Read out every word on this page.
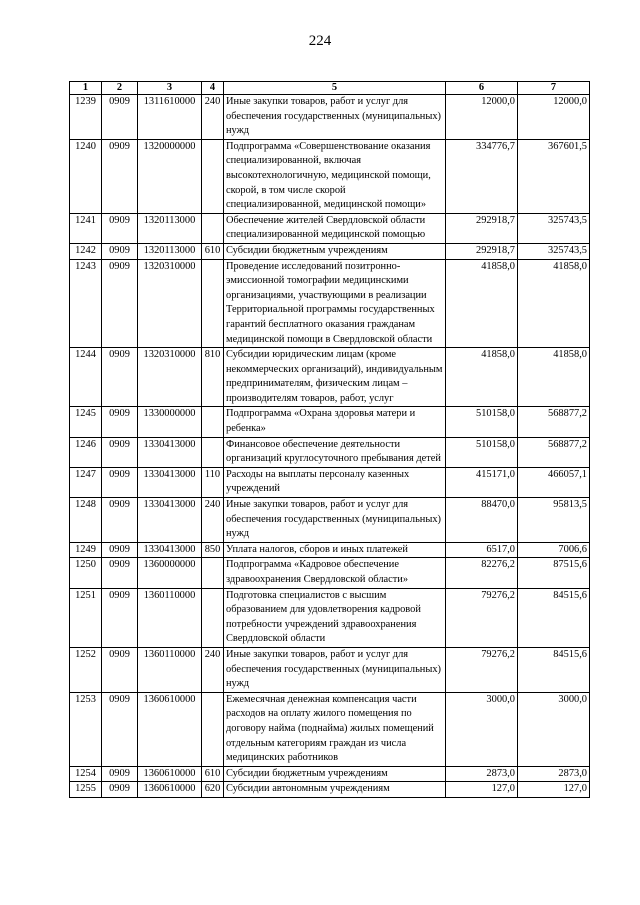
224
1	2	3	4	5	6	7
1239	0909	1311610000	240	Иные закупки товаров, работ и услуг для обеспечения государственных (муниципальных) нужд	12000,0	12000,0
1240	0909	1320000000		Подпрограмма «Совершенствование оказания специализированной, включая высокотехнологичную, медицинской помощи, скорой, в том числе скорой специализированной, медицинской помощи»	334776,7	367601,5
1241	0909	1320113000		Обеспечение жителей Свердловской области специализированной медицинской помощью	292918,7	325743,5
1242	0909	1320113000	610	Субсидии бюджетным учреждениям	292918,7	325743,5
1243	0909	1320310000		Проведение исследований позитронно-эмиссионной томографии медицинскими организациями, участвующими в реализации Территориальной программы государственных гарантий бесплатного оказания гражданам медицинской помощи в Свердловской области	41858,0	41858,0
1244	0909	1320310000	810	Субсидии юридическим лицам (кроме некоммерческих организаций), индивидуальным предпринимателям, физическим лицам – производителям товаров, работ, услуг	41858,0	41858,0
1245	0909	1330000000		Подпрограмма «Охрана здоровья матери и ребенка»	510158,0	568877,2
1246	0909	1330413000		Финансовое обеспечение деятельности организаций круглосуточного пребывания детей	510158,0	568877,2
1247	0909	1330413000	110	Расходы на выплаты персоналу казенных учреждений	415171,0	466057,1
1248	0909	1330413000	240	Иные закупки товаров, работ и услуг для обеспечения государственных (муниципальных) нужд	88470,0	95813,5
1249	0909	1330413000	850	Уплата налогов, сборов и иных платежей	6517,0	7006,6
1250	0909	1360000000		Подпрограмма «Кадровое обеспечение здравоохранения Свердловской области»	82276,2	87515,6
1251	0909	1360110000		Подготовка специалистов с высшим образованием для удовлетворения кадровой потребности учреждений здравоохранения Свердловской области	79276,2	84515,6
1252	0909	1360110000	240	Иные закупки товаров, работ и услуг для обеспечения государственных (муниципальных) нужд	79276,2	84515,6
1253	0909	1360610000		Ежемесячная денежная компенсация части расходов на оплату жилого помещения по договору найма (поднайма) жилых помещений отдельным категориям граждан из числа медицинских работников	3000,0	3000,0
1254	0909	1360610000	610	Субсидии бюджетным учреждениям	2873,0	2873,0
1255	0909	1360610000	620	Субсидии автономным учреждениям	127,0	127,0
